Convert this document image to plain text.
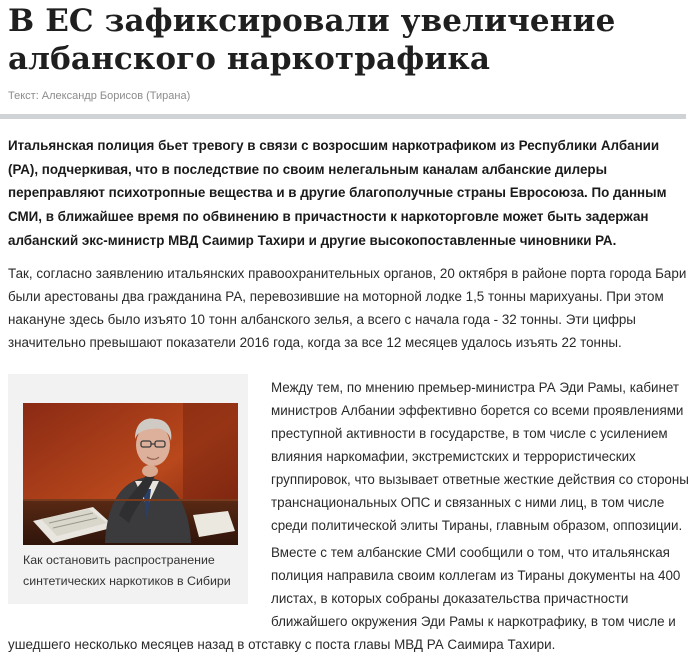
В ЕС зафиксировали увеличение албанского наркотрафика

Текст: Александр Борисов (Тирана)

Итальянская полиция бьет тревогу в связи с возросшим наркотрафиком из Республики Албании (РА), подчеркивая, что в последствие по своим нелегальным каналам албанские дилеры переправляют психотропные вещества и в другие благополучные страны Евросоюза. По данным СМИ, в ближайшее время по обвинению в причастности к наркоторговле может быть задержан албанский экс-министр МВД Саимир Тахири и другие высокопоставленные чиновники РА.

Так, согласно заявлению итальянских правоохранительных органов, 20 октября в районе порта города Бари были арестованы два гражданина РА, перевозившие на моторной лодке 1,5 тонны марихуаны. При этом накануне здесь было изъято 10 тонн албанского зелья, а всего с начала года - 32 тонны. Эти цифры значительно превышают показатели 2016 года, когда за все 12 месяцев удалось изъять 22 тонны.

Как остановить распространение синтетических наркотиков в Сибири

Между тем, по мнению премьер-министра РА Эди Рамы, кабинет министров Албании эффективно борется со всеми проявлениями преступной активности в государстве, в том числе с усилением влияния наркомафии, экстремистских и террористических группировок, что вызывает ответные жесткие действия со стороны транснациональных ОПС и связанных с ними лиц, в том числе среди политической элиты Тираны, главным образом, оппозиции.

Вместе с тем албанские СМИ сообщили о том, что итальянская полиция направила своим коллегам из Тираны документы на 400 листах, в которых собраны доказательства причастности ближайшего окружения Эди Рамы к наркотрафику, в том числе и ушедшего несколько месяцев назад в отставку с поста главы МВД РА Саимира Тахири.
